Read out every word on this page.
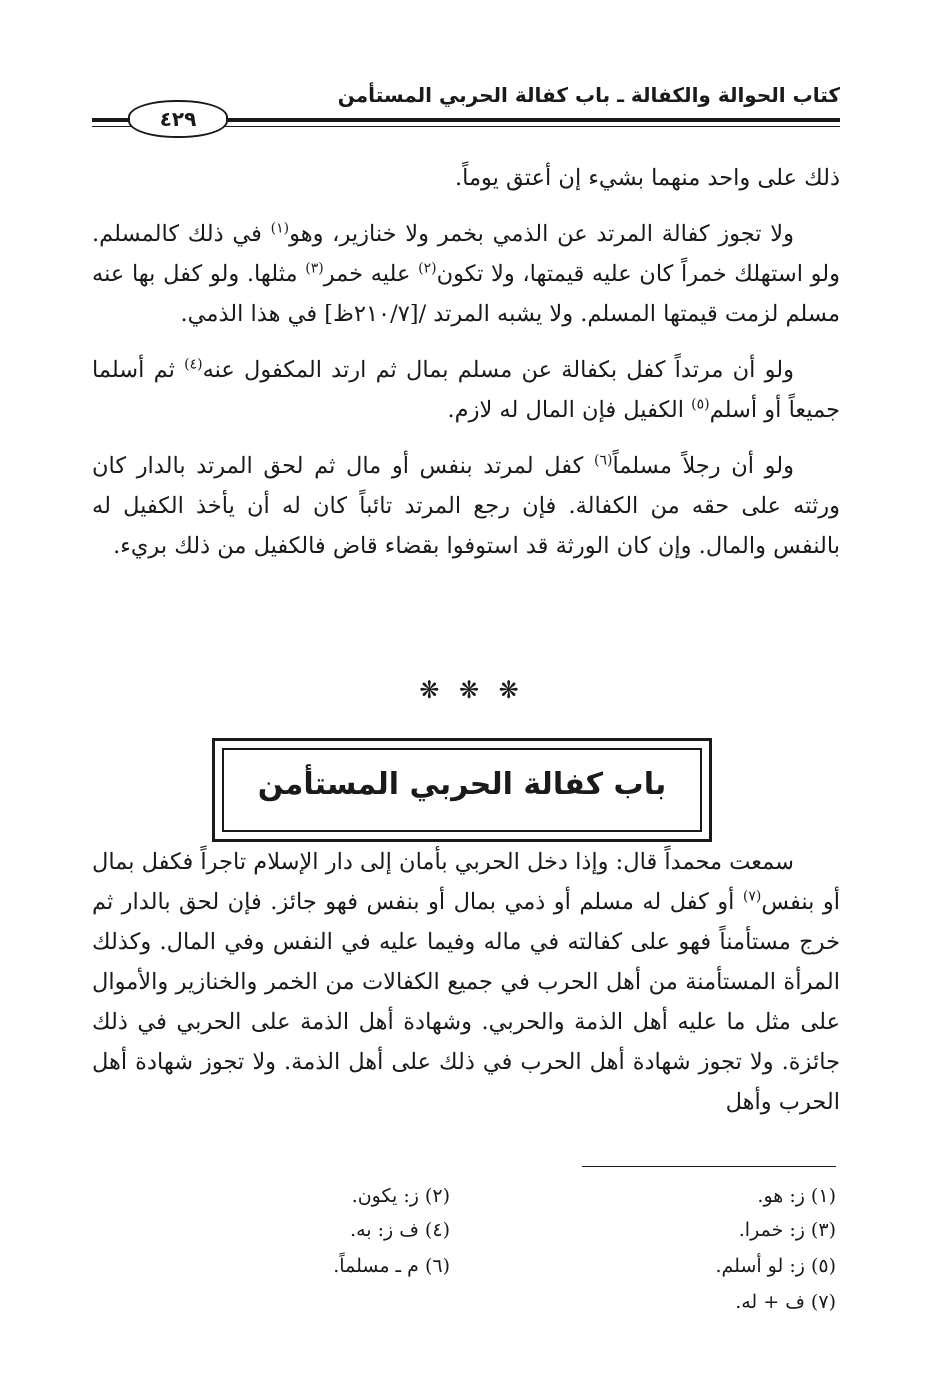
كتاب الحوالة والكفالة ـ باب كفالة الحربي المستأمن
٤٢٩

ذلك على واحد منهما بشيء إن أعتق يوماً.

ولا تجوز كفالة المرتد عن الذمي بخمر ولا خنازير، وهو$^{(١)}$ في ذلك كالمسلم. ولو استهلك خمراً كان عليه قيمتها، ولا تكون$^{(٢)}$ عليه خمر$^{(٣)}$ مثلها. ولو كفل بها عنه مسلم لزمت قيمتها المسلم. ولا يشبه المرتد /[٢١٠/٧ظ] في هذا الذمي.

ولو أن مرتداً كفل بكفالة عن مسلم بمال ثم ارتد المكفول عنه$^{(٤)}$ ثم أسلما جميعاً أو أسلم$^{(٥)}$ الكفيل فإن المال له لازم.

ولو أن رجلاً مسلماً$^{(٦)}$ كفل لمرتد بنفس أو مال ثم لحق المرتد بالدار كان ورثته على حقه من الكفالة. فإن رجع المرتد تائباً كان له أن يأخذ الكفيل له بالنفس والمال. وإن كان الورثة قد استوفوا بقضاء قاض فالكفيل من ذلك بريء.

❋ ❋ ❋
باب كفالة الحربي المستأمن

سمعت محمداً قال: وإذا دخل الحربي بأمان إلى دار الإسلام تاجراً فكفل بمال أو بنفس$^{(٧)}$ أو كفل له مسلم أو ذمي بمال أو بنفس فهو جائز. فإن لحق بالدار ثم خرج مستأمناً فهو على كفالته في ماله وفيما عليه في النفس وفي المال. وكذلك المرأة المستأمنة من أهل الحرب في جميع الكفالات من الخمر والخنازير والأموال على مثل ما عليه أهل الذمة والحربي. وشهادة أهل الذمة على الحربي في ذلك جائزة. ولا تجوز شهادة أهل الحرب في ذلك على أهل الذمة. ولا تجوز شهادة أهل الحرب وأهل

(١) ز: هو.
(٢) ز: يكون.
(٣) ز: خمرا.
(٤) ف ز: به.
(٥) ز: لو أسلم.
(٦) م ـ مسلماً.
(٧) ف + له.
